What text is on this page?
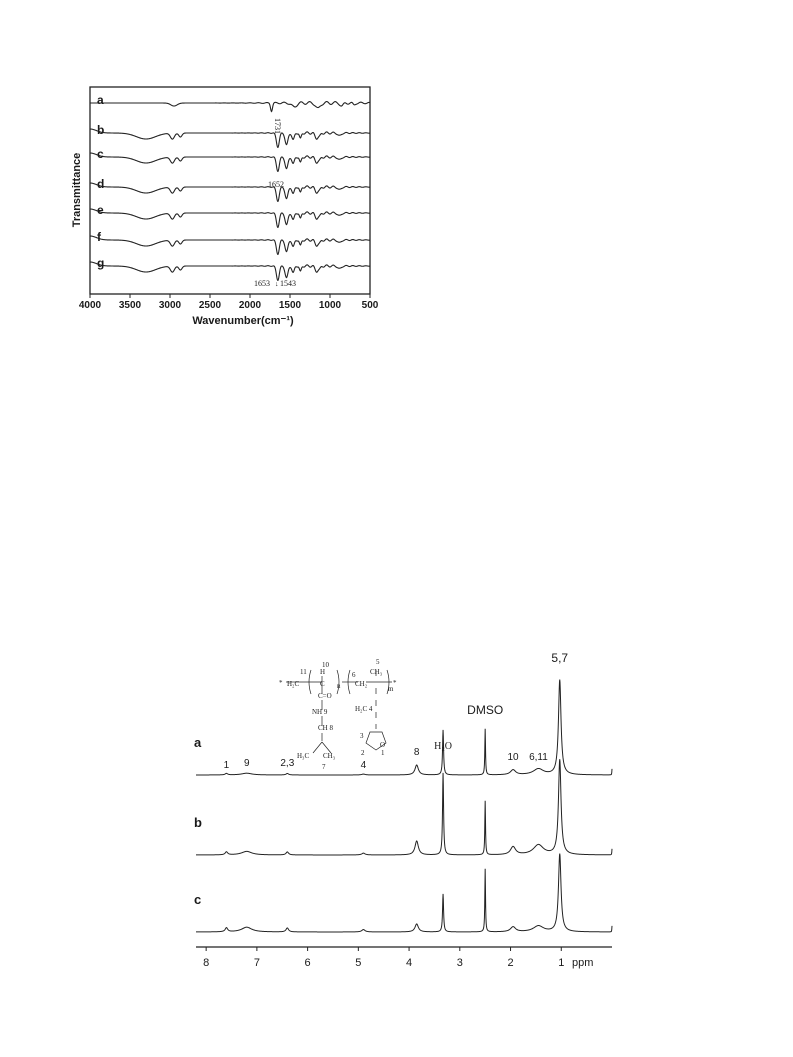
4000 3500 3000 2500 2000 1500 1000 500
a
b
c
d
e
f
g
Transmittance
Wavenumber(cm⁻¹)
1731
1652
1653 1543
↓
a
b
c
1 9	2,3	4
8
H₂O
DMSO
10 6,11
5,7
8	7	6	5	4	3	2	1 ppm
11
10
6
5
CH₃
H₂C	C
H
CH₂
C=O
NH 9
CH 8
H₃C CH₃
7
H₂C 4
O
3
2 1
n	m
*	*
